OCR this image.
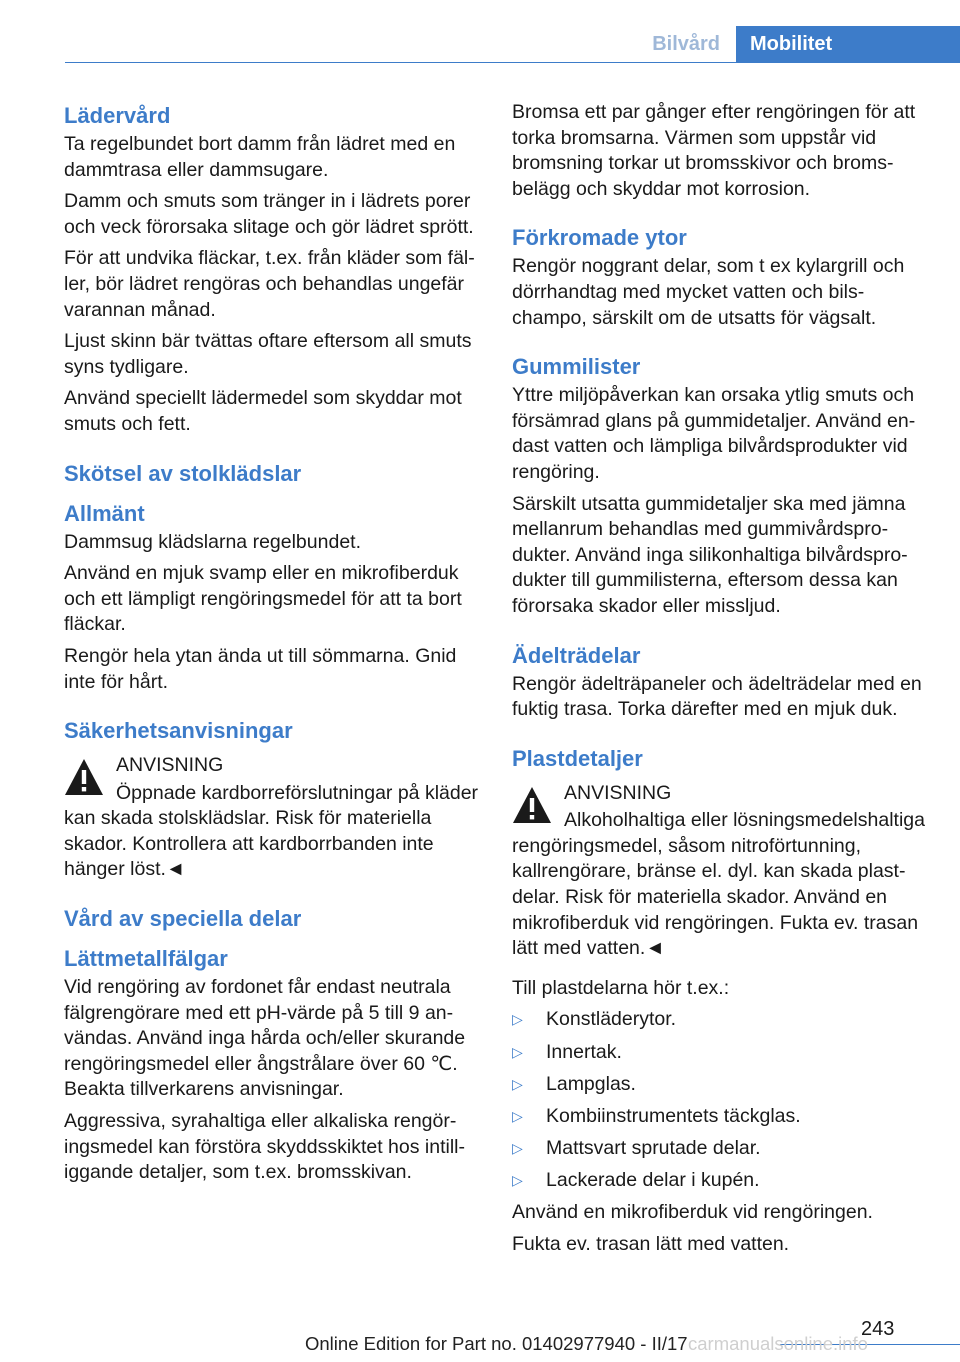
Bilvård	Mobilitet
Lädervård

Ta regelbundet bort damm från lädret med en dammtrasa eller dammsugare.

Damm och smuts som tränger in i lädrets porer och veck förorsaka slitage och gör lädret sprött.

För att undvika fläckar, t.ex. från kläder som fäller, bör lädret rengöras och behandlas ungefär varannan månad.

Ljust skinn bär tvättas oftare eftersom all smuts syns tydligare.

Använd speciellt lädermedel som skyddar mot smuts och fett.

Skötsel av stolklädslar
Allmänt

Dammsug klädslarna regelbundet.

Använd en mjuk svamp eller en mikrofiberduk och ett lämpligt rengöringsmedel för att ta bort fläckar.

Rengör hela ytan ända ut till sömmarna. Gnid inte för hårt.

Säkerhetsanvisningar

ANVISNING

Öppnade kardborreförslutningar på kläder kan skada stolsklädslar. Risk för materiella skador. Kontrollera att kardborrbanden inte hänger löst.◄

Vård av speciella delar
Lättmetallfälgar

Vid rengöring av fordonet får endast neutrala fälgrengörare med ett pH-värde på 5 till 9 användas. Använd inga hårda och/eller skurande rengöringsmedel eller ångstrålare över 60 ℃. Beakta tillverkarens anvisningar.

Aggressiva, syrahaltiga eller alkaliska rengöringsmedel kan förstöra skyddsskiktet hos intilliggande detaljer, som t.ex. bromsskivan.

Bromsa ett par gånger efter rengöringen för att torka bromsarna. Värmen som uppstår vid bromsning torkar ut bromsskivor och bromsbelägg och skyddar mot korrosion.

Förkromade ytor

Rengör noggrant delar, som t ex kylargrill och dörrhandtag med mycket vatten och bilschampo, särskilt om de utsatts för vägsalt.

Gummilister

Yttre miljöpåverkan kan orsaka ytlig smuts och försämrad glans på gummidetaljer. Använd endast vatten och lämpliga bilvårdsprodukter vid rengöring.

Särskilt utsatta gummidetaljer ska med jämna mellanrum behandlas med gummivårdsprodukter. Använd inga silikonhaltiga bilvårdsprodukter till gummilisterna, eftersom dessa kan förorsaka skador eller missljud.

Ädelträdelar

Rengör ädelträpaneler och ädelträdelar med en fuktig trasa. Torka därefter med en mjuk duk.

Plastdetaljer

ANVISNING

Alkoholhaltiga eller lösningsmedelshaltiga rengöringsmedel, såsom nitroförtunning, kallrengörare, bränse el. dyl. kan skada plastdelar. Risk för materiella skador. Använd en mikrofiberduk vid rengöringen. Fukta ev. trasan lätt med vatten.◄

Till plastdelarna hör t.ex.:

▷ Konstläderytor.
▷ Innertak.
▷ Lampglas.
▷ Kombiinstrumentets täckglas.
▷ Mattsvart sprutade delar.
▷ Lackerade delar i kupén.

Använd en mikrofiberduk vid rengöringen.

Fukta ev. trasan lätt med vatten.

243
Online Edition for Part no. 01402977940 - II/17 carmanualsonline.info
